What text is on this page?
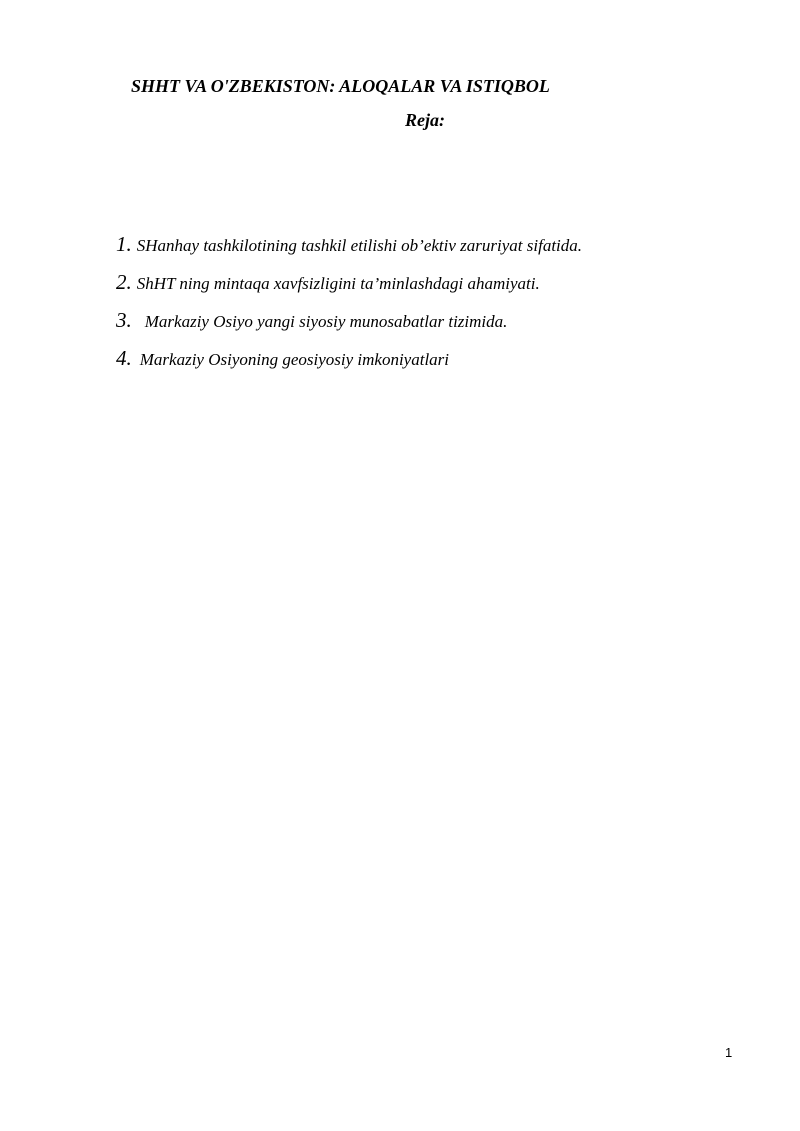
SHHT VA O'ZBEKISTON: ALOQALAR VA ISTIQBOL
Reja:
1. SHanhay tashkilotining tashkil etilishi ob’ektiv zaruriyat sifatida.
2. ShHT ning mintaqa xavfsizligini ta’minlashdagi ahamiyati.
3. Markaziy Osiyo yangi siyosiy munosabatlar tizimida.
4. Markaziy Osiyoning geosiyosiy imkoniyatlari
1
